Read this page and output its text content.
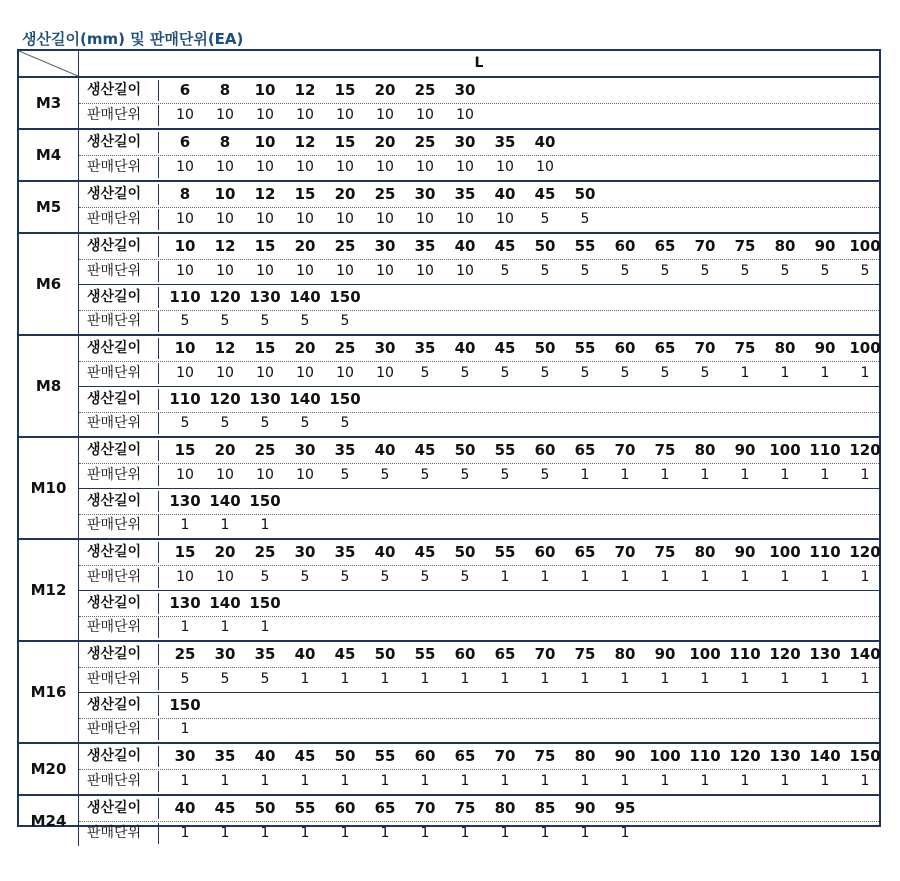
생산길이(mm) 및 판매단위(EA)
L
M3
생산길이	6	8	10	12	15	20	25	30
판매단위	10	10	10	10	10	10	10	10
M4
생산길이	6	8	10	12	15	20	25	30	35	40
판매단위	10	10	10	10	10	10	10	10	10	10
M5
생산길이	8	10	12	15	20	25	30	35	40	45	50
판매단위	10	10	10	10	10	10	10	10	10	5	5
M6
생산길이	10	12	15	20	25	30	35	40	45	50	55	60	65	70	75	80	90 100
판매단위	10	10	10	10	10	10	10	10	5	5	5	5	5	5	5	5	5	5
생산길이 110 120 130 140 150
판매단위	5	5	5	5	5
M8
생산길이	10	12	15	20	25	30	35	40	45	50	55	60	65	70	75	80	90 100
판매단위	10	10	10	10	10	10	5	5	5	5	5	5	5	5	1	1	1	1
생산길이 110 120 130 140 150
판매단위	5	5	5	5	5
M10
생산길이	15	20	25	30	35	40	45	50	55	60	65	70	75	80	90 100 110 120
판매단위	10	10	10	10	5	5	5	5	5	5	1	1	1	1	1	1	1	1
생산길이 130 140 150
판매단위	1	1	1
M12
생산길이	15	20	25	30	35	40	45	50	55	60	65	70	75	80	90 100 110 120
판매단위	10	10	5	5	5	5	5	5	1	1	1	1	1	1	1	1	1	1
생산길이 130 140 150
판매단위	1	1	1
M16
생산길이	25	30	35	40	45	50	55	60	65	70	75	80	90 100 110 120 130 140
판매단위	5	5	5	1	1	1	1	1	1	1	1	1	1	1	1	1	1	1
생산길이 150
판매단위	1
M20
생산길이	30	35	40	45	50	55	60	65	70	75	80	90 100 110 120 130 140 150
판매단위	1	1	1	1	1	1	1	1	1	1	1	1	1	1	1	1	1	1
M24
생산길이	40	45	50	55	60	65	70	75	80	85	90	95
판매단위	1	1	1	1	1	1	1	1	1	1	1	1
